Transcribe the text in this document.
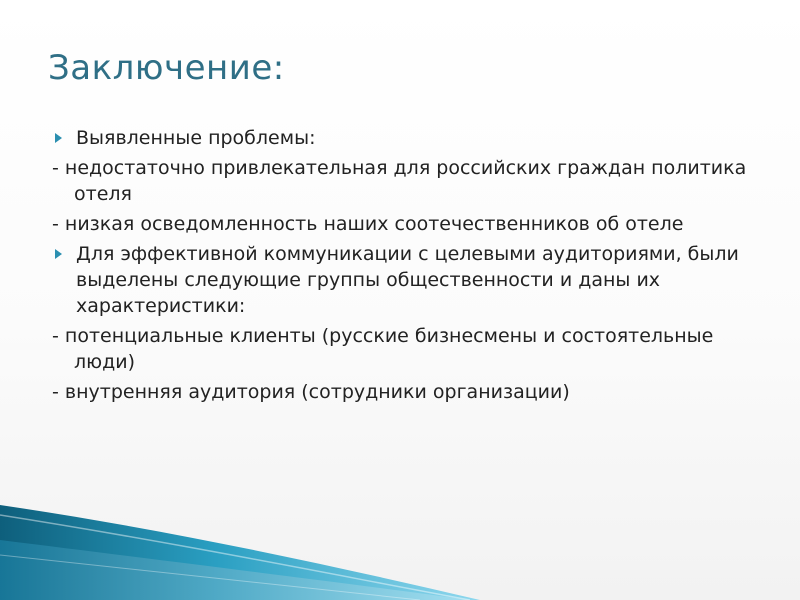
Заключение:
Выявленные проблемы:
- недостаточно привлекательная для российских граждан политика отеля
- низкая осведомленность наших соотечественников об отеле
Для эффективной коммуникации с целевыми аудиториями, были выделены следующие группы общественности и даны их характеристики:
- потенциальные клиенты (русские бизнесмены и состоятельные люди)
- внутренняя аудитория (сотрудники организации)
